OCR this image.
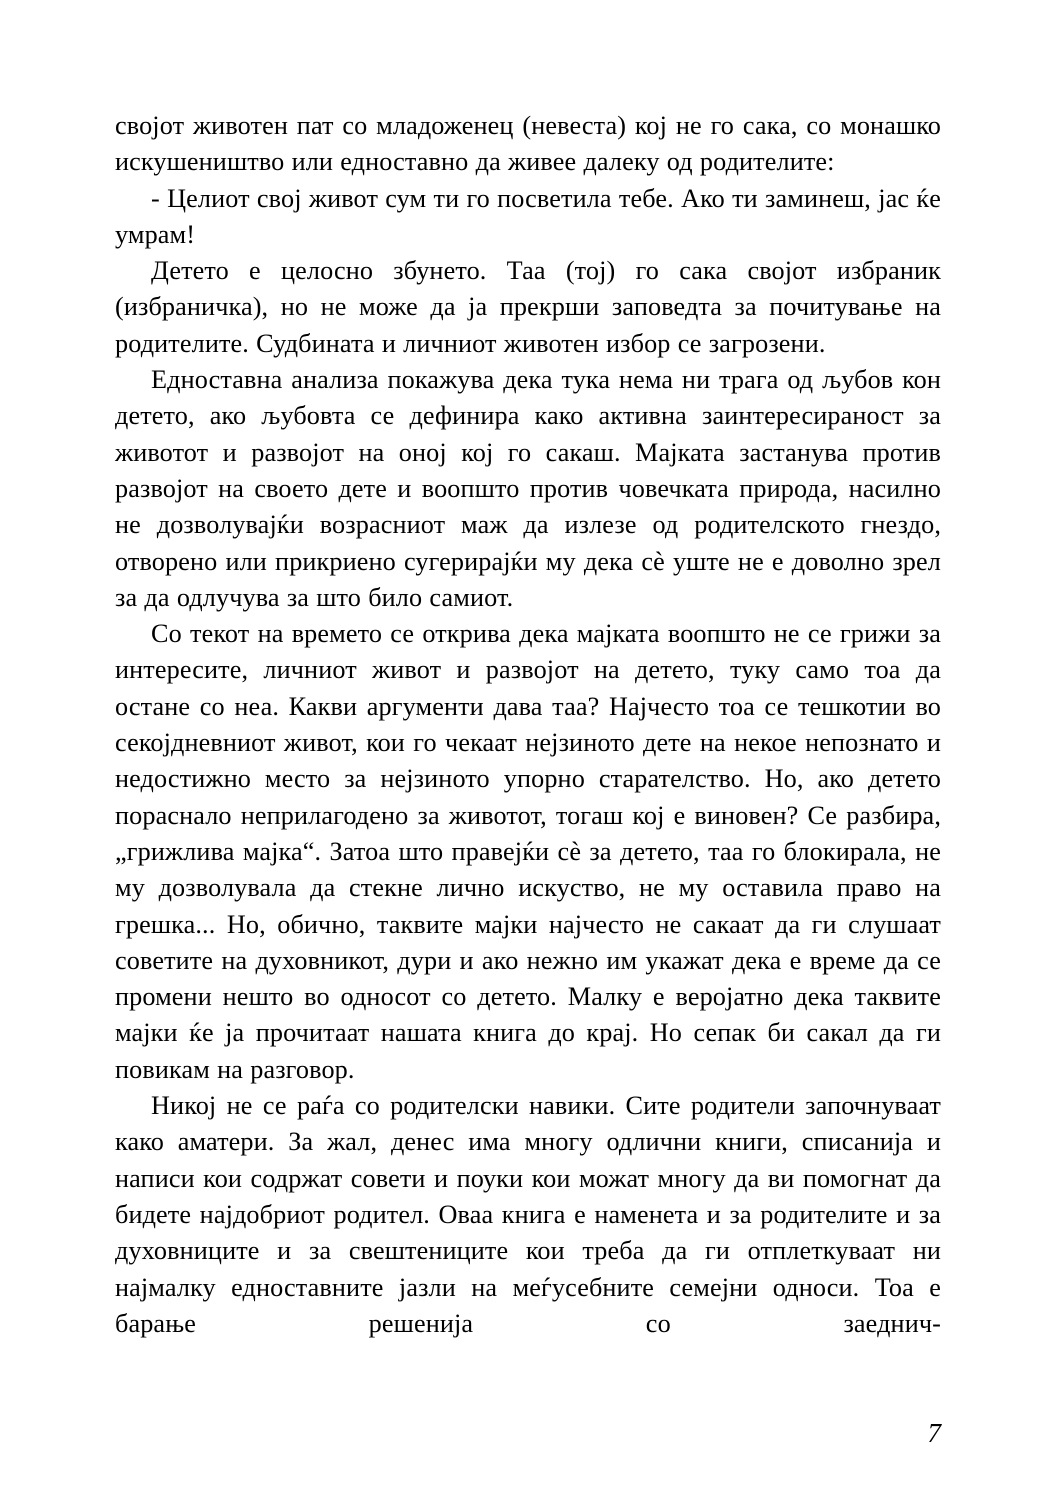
својот животен пат со младоженец (невеста) кој не го сака, со монашко искушеништво или едноставно да живее далеку од родителите:

- Целиот свој живот сум ти го посветила тебе. Ако ти заминеш, јас ќе умрам!

Детето е целосно збунето. Таа (тој) го сака својот избраник (избраничка), но не може да ја прекрши заповедта за почитување на родителите. Судбината и личниот животен избор се загрозени.

Едноставна анализа покажува дека тука нема ни трага од љубов кон детето, ако љубовта се дефинира како активна заинтересираност за животот и развојот на оној кој го сакаш. Мајката застанува против развојот на своето дете и воопшто против човечката природа, насилно не дозволувајќи возрасниот маж да излезе од родителското гнездо, отворено или прикриено сугерирајќи му дека сѐ уште не е доволно зрел за да одлучува за што било самиот.

Со текот на времето се открива дека мајката воопшто не се грижи за интересите, личниот живот и развојот на детето, туку само тоа да остане со неа. Какви аргументи дава таа? Најчесто тоа се тешкотии во секојдневниот живот, кои го чекаат нејзиното дете на некое непознато и недостижно место за нејзиното упорно старателство. Но, ако детето пораснало неприлагодено за животот, тогаш кој е виновен? Се разбира, „грижлива мајка“. Затоа што правејќи сѐ за детето, таа го блокирала, не му дозволувала да стекне лично искуство, не му оставила право на грешка... Но, обично, таквите мајки најчесто не сакаат да ги слушаат советите на духовникот, дури и ако нежно им укажат дека е време да се промени нешто во односот со детето. Малку е веројатно дека таквите мајки ќе ја прочитаат нашата книга до крај. Но сепак би сакал да ги повикам на разговор.

Никој не се раѓа со родителски навики. Сите родители започнуваат како аматери. За жал, денес има многу одлични книги, списанија и написи кои содржат совети и поуки кои можат многу да ви помогнат да бидете најдобриот родител. Оваа книга е наменета и за родителите и за духовниците и за свештениците кои треба да ги отплеткуваат ни најмалку едноставните јазли на меѓусебните семејни односи. Тоа е барање решенија со заеднич-

7
